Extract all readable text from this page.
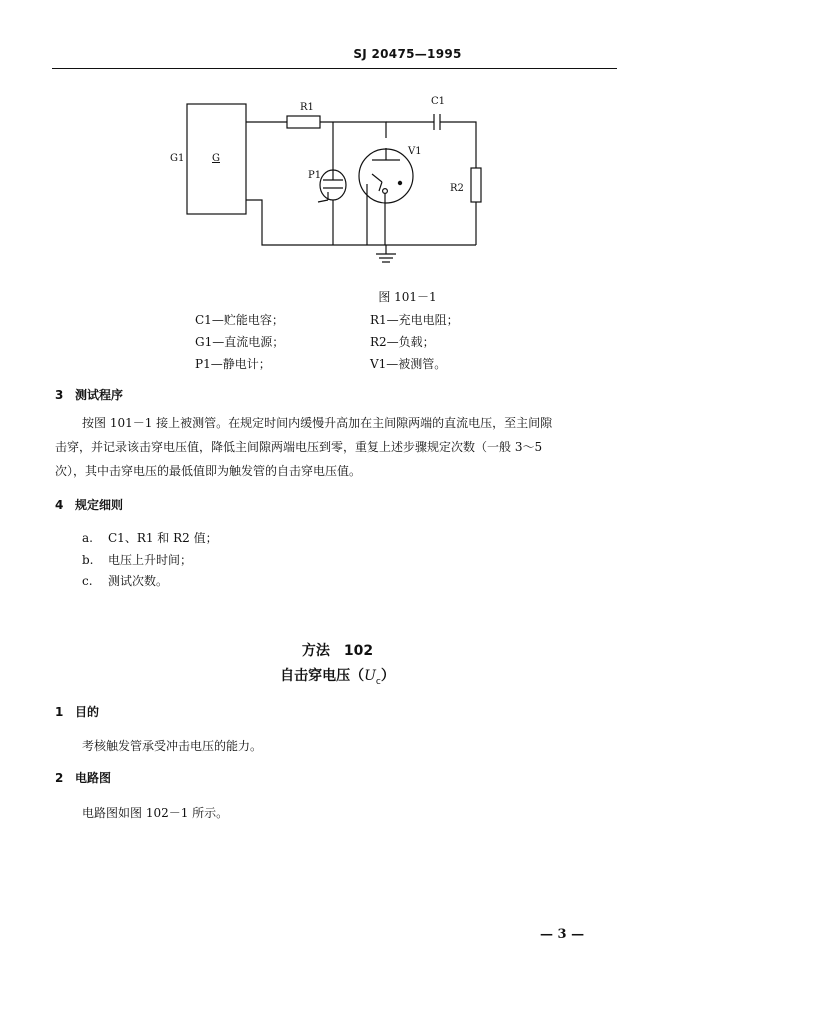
SJ 20475—1995
G1	G
R1
C1
V1
P1
R2
图 101－1
C1—贮能电容；	R1—充电电阻；
G1—直流电源；	R2—负载；
P1—静电计；	V1—被测管。
3 测试程序
按图 101－1 接上被测管。在规定时间内缓慢升高加在主间隙两端的直流电压，至主间隙
击穿，并记录该击穿电压值，降低主间隙两端电压到零，重复上述步骤规定次数（一般 3～5
次），其中击穿电压的最低值即为触发管的自击穿电压值。
4 规定细则
a. C1、R1 和 R2 值；
b. 电压上升时间；
c. 测试次数。
方法　102
自击穿电压$(U_c)$
1 目的
考核触发管承受冲击电压的能力。
2 电路图
电路图如图 102－1 所示。
— 3 —
